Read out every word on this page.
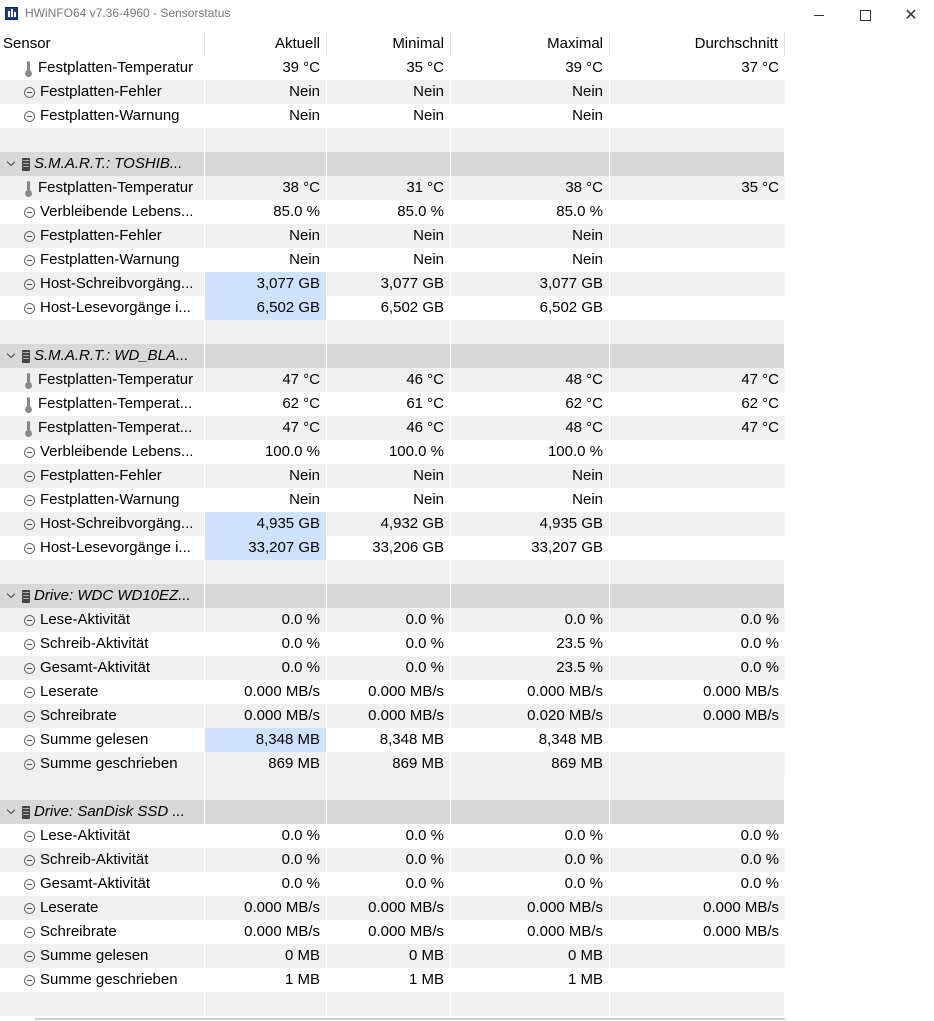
HWiNFO64 v7.36-4960 - Sensorstatus	✕
Sensor	Aktuell	Minimal	Maximal	Durchschnitt
Festplatten-Temperatur	39 °C	35 °C	39 °C	37 °C
Festplatten-Fehler	Nein	Nein	Nein
Festplatten-Warnung	Nein	Nein	Nein
S.M.A.R.T.: TOSHIB...
Festplatten-Temperatur	38 °C	31 °C	38 °C	35 °C
Verbleibende Lebens...	85.0 %	85.0 %	85.0 %
Festplatten-Fehler	Nein	Nein	Nein
Festplatten-Warnung	Nein	Nein	Nein
Host-Schreibvorgäng...	3,077 GB	3,077 GB	3,077 GB
Host-Lesevorgänge i...	6,502 GB	6,502 GB	6,502 GB
S.M.A.R.T.: WD_BLA...
Festplatten-Temperatur	47 °C	46 °C	48 °C	47 °C
Festplatten-Temperat...	62 °C	61 °C	62 °C	62 °C
Festplatten-Temperat...	47 °C	46 °C	48 °C	47 °C
Verbleibende Lebens...	100.0 %	100.0 %	100.0 %
Festplatten-Fehler	Nein	Nein	Nein
Festplatten-Warnung	Nein	Nein	Nein
Host-Schreibvorgäng...	4,935 GB	4,932 GB	4,935 GB
Host-Lesevorgänge i...	33,207 GB	33,206 GB	33,207 GB
Drive: WDC WD10EZ...
Lese-Aktivität	0.0 %	0.0 %	0.0 %	0.0 %
Schreib-Aktivität	0.0 %	0.0 %	23.5 %	0.0 %
Gesamt-Aktivität	0.0 %	0.0 %	23.5 %	0.0 %
Leserate	0.000 MB/s	0.000 MB/s	0.000 MB/s	0.000 MB/s
Schreibrate	0.000 MB/s	0.000 MB/s	0.020 MB/s	0.000 MB/s
Summe gelesen	8,348 MB	8,348 MB	8,348 MB
Summe geschrieben	869 MB	869 MB	869 MB
Drive: SanDisk SSD ...
Lese-Aktivität	0.0 %	0.0 %	0.0 %	0.0 %
Schreib-Aktivität	0.0 %	0.0 %	0.0 %	0.0 %
Gesamt-Aktivität	0.0 %	0.0 %	0.0 %	0.0 %
Leserate	0.000 MB/s	0.000 MB/s	0.000 MB/s	0.000 MB/s
Schreibrate	0.000 MB/s	0.000 MB/s	0.000 MB/s	0.000 MB/s
Summe gelesen	0 MB	0 MB	0 MB
Summe geschrieben	1 MB	1 MB	1 MB
